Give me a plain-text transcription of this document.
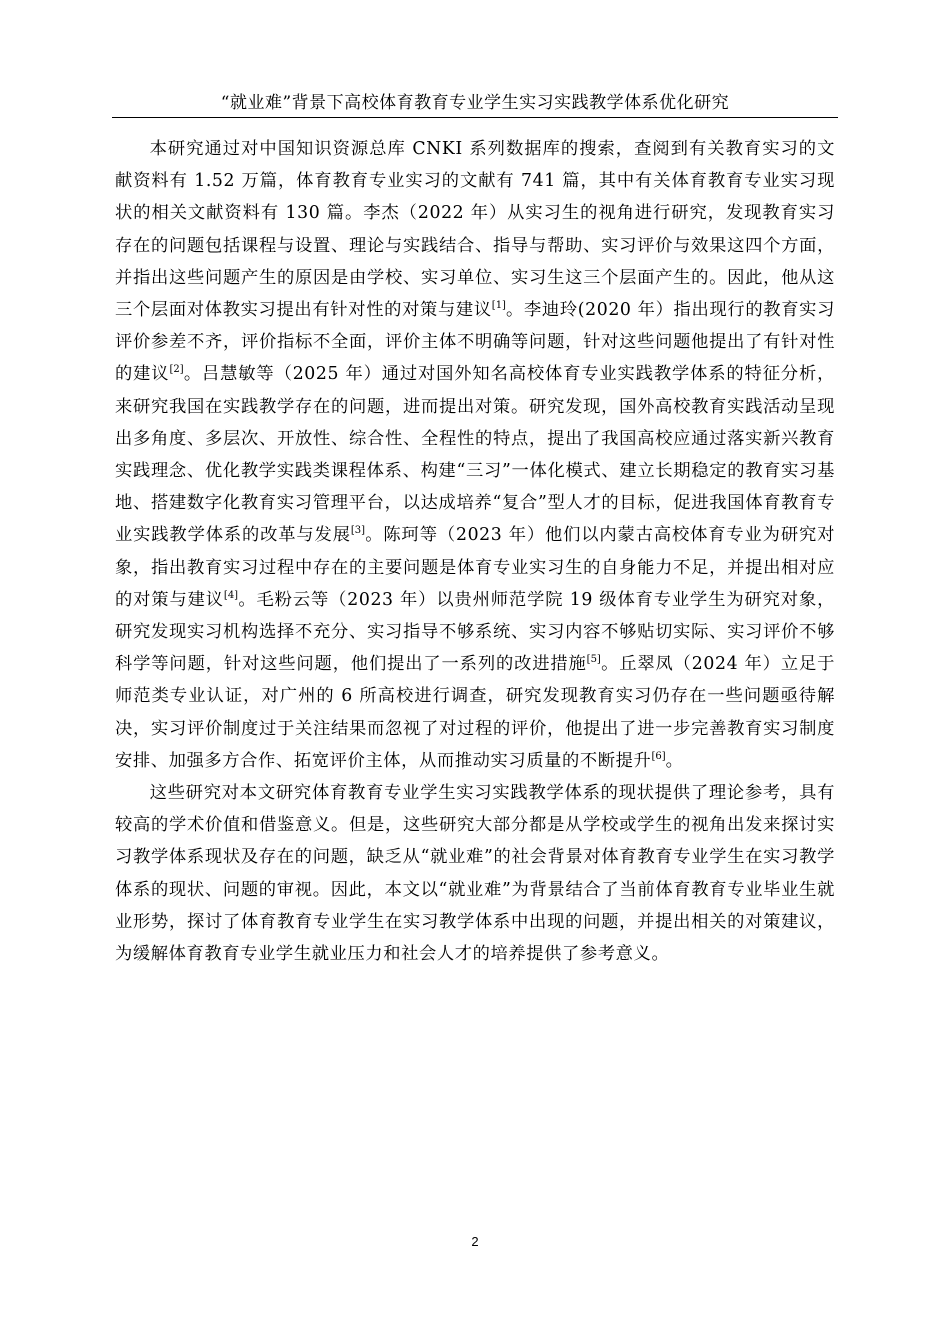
“就业难”背景下高校体育教育专业学生实习实践教学体系优化研究

本研究通过对中国知识资源总库 CNKI 系列数据库的搜索，查阅到有关教育实习的文献资料有 1.52 万篇，体育教育专业实习的文献有 741 篇，其中有关体育教育专业实习现状的相关文献资料有 130 篇。李杰（2022 年）从实习生的视角进行研究，发现教育实习存在的问题包括课程与设置、理论与实践结合、指导与帮助、实习评价与效果这四个方面，并指出这些问题产生的原因是由学校、实习单位、实习生这三个层面产生的。因此，他从这三个层面对体教实习提出有针对性的对策与建议[1]。李迪玲(2020 年）指出现行的教育实习评价参差不齐，评价指标不全面，评价主体不明确等问题，针对这些问题他提出了有针对性的建议[2]。吕慧敏等（2025 年）通过对国外知名高校体育专业实践教学体系的特征分析，来研究我国在实践教学存在的问题，进而提出对策。研究发现，国外高校教育实践活动呈现出多角度、多层次、开放性、综合性、全程性的特点，提出了我国高校应通过落实新兴教育实践理念、优化教学实践类课程体系、构建“三习”一体化模式、建立长期稳定的教育实习基地、搭建数字化教育实习管理平台，以达成培养“复合”型人才的目标，促进我国体育教育专业实践教学体系的改革与发展[3]。陈珂等（2023 年）他们以内蒙古高校体育专业为研究对象，指出教育实习过程中存在的主要问题是体育专业实习生的自身能力不足，并提出相对应的对策与建议[4]。毛粉云等（2023 年）以贵州师范学院 19 级体育专业学生为研究对象，研究发现实习机构选择不充分、实习指导不够系统、实习内容不够贴切实际、实习评价不够科学等问题，针对这些问题，他们提出了一系列的改进措施[5]。丘翠凤（2024 年）立足于师范类专业认证，对广州的 6 所高校进行调查，研究发现教育实习仍存在一些问题亟待解决，实习评价制度过于关注结果而忽视了对过程的评价，他提出了进一步完善教育实习制度安排、加强多方合作、拓宽评价主体，从而推动实习质量的不断提升[6]。

这些研究对本文研究体育教育专业学生实习实践教学体系的现状提供了理论参考，具有较高的学术价值和借鉴意义。但是，这些研究大部分都是从学校或学生的视角出发来探讨实习教学体系现状及存在的问题，缺乏从“就业难”的社会背景对体育教育专业学生在实习教学体系的现状、问题的审视。因此，本文以“就业难”为背景结合了当前体育教育专业毕业生就业形势，探讨了体育教育专业学生在实习教学体系中出现的问题，并提出相关的对策建议，为缓解体育教育专业学生就业压力和社会人才的培养提供了参考意义。

2
